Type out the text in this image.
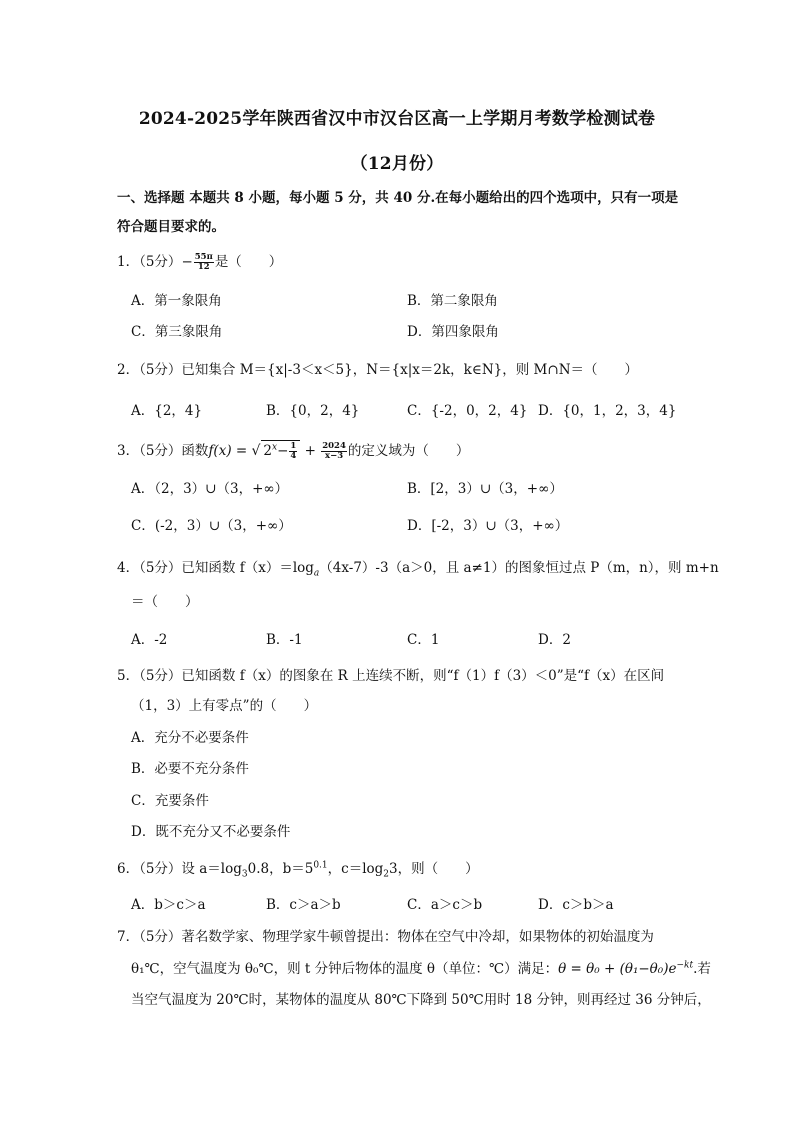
2024-2025学年陕西省汉中市汉台区高一上学期月考数学检测试卷
（12月份）
一、选择题 本题共 8 小题，每小题 5 分，共 40 分.在每小题给出的四个选项中，只有一项是
符合题目要求的。
1．（5分）− $\frac{55\pi}{12}$ 是（　　）
A．第一象限角	B．第二象限角
C．第三象限角	D．第四象限角
2．（5分）已知集合 M＝{x|-3＜x＜5}，N＝{x|x＝2k，k∈N}，则 M∩N＝（　　）
A．{2，4}	B．{0，2，4}	C．{-2，0，2，4} D．{0，1，2，3，4}
3．（5分）函数f(x) = √ $2^x- \frac{1}{4} + \frac{2024}{x-3}$ 的定义域为（　　）
A．（2，3）∪（3，+∞）	B．[2，3）∪（3，+∞）
C．(-2，3）∪（3，+∞）	D．[-2，3）∪（3，+∞）
4．（5分）已知函数 $f(x)=\log_a(4x-7)-3(a>0$，且 a≠1）的图象恒过点 P（m，n），则 m+n
＝（　　）
A．-2	B．-1	C．1	D．2
5．（5分）已知函数 f（x）的图象在 R 上连续不断，则“f（1）f（3）＜0”是“f（x）在区间
（1，3）上有零点”的（　　）
A．充分不必要条件
B．必要不充分条件
C．充要条件
D．既不充分又不必要条件
6．（5分）设 $a=\log_30.8$，$b=5^{0.1}$，$c=\log_23$，则（　　）
A．b＞c＞a	B．c＞a＞b	C．a＞c＞b	D．c＞b＞a
7．（5分）著名数学家、物理学家牛顿曾提出：物体在空气中冷却，如果物体的初始温度为
θ₁℃，空气温度为 θ₀℃，则 t 分钟后物体的温度 θ（单位：℃）满足：$\theta = \theta_0 + (\theta_1-\theta_0)e^{-kt}$.若
当空气温度为 20℃时，某物体的温度从 80℃下降到 50℃用时 18 分钟，则再经过 36 分钟后，
